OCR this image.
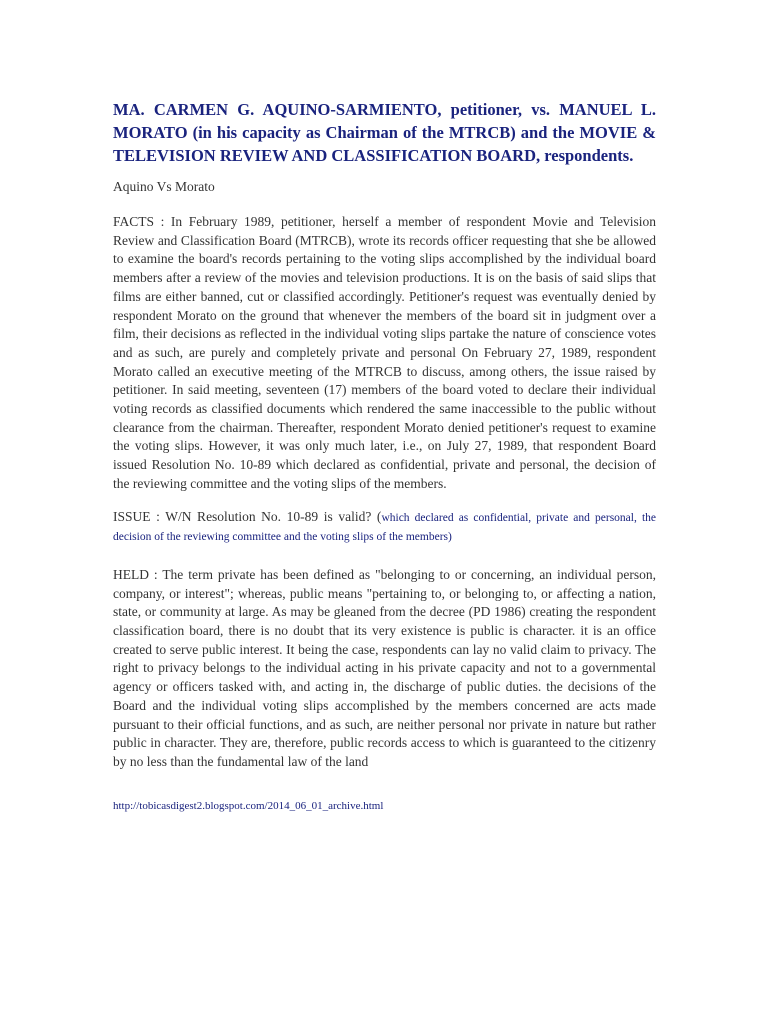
MA. CARMEN G. AQUINO-SARMIENTO, petitioner, vs. MANUEL L. MORATO (in his capacity as Chairman of the MTRCB) and the MOVIE & TELEVISION REVIEW AND CLASSIFICATION BOARD, respondents.

Aquino Vs Morato

FACTS : In February 1989, petitioner, herself a member of respondent Movie and Television Review and Classification Board (MTRCB), wrote its records officer requesting that she be allowed to examine the board's records pertaining to the voting slips accomplished by the individual board members after a review of the movies and television productions. It is on the basis of said slips that films are either banned, cut or classified accordingly. Petitioner's request was eventually denied by respondent Morato on the ground that whenever the members of the board sit in judgment over a film, their decisions as reflected in the individual voting slips partake the nature of conscience votes and as such, are purely and completely private and personal On February 27, 1989, respondent Morato called an executive meeting of the MTRCB to discuss, among others, the issue raised by petitioner. In said meeting, seventeen (17) members of the board voted to declare their individual voting records as classified documents which rendered the same inaccessible to the public without clearance from the chairman. Thereafter, respondent Morato denied petitioner's request to examine the voting slips. However, it was only much later, i.e., on July 27, 1989, that respondent Board issued Resolution No. 10-89 which declared as confidential, private and personal, the decision of the reviewing committee and the voting slips of the members.

ISSUE : W/N Resolution No. 10-89 is valid? (which declared as confidential, private and personal, the decision of the reviewing committee and the voting slips of the members)

HELD : The term private has been defined as "belonging to or concerning, an individual person, company, or interest"; whereas, public means "pertaining to, or belonging to, or affecting a nation, state, or community at large. As may be gleaned from the decree (PD 1986) creating the respondent classification board, there is no doubt that its very existence is public is character. it is an office created to serve public interest. It being the case, respondents can lay no valid claim to privacy. The right to privacy belongs to the individual acting in his private capacity and not to a governmental agency or officers tasked with, and acting in, the discharge of public duties. the decisions of the Board and the individual voting slips accomplished by the members concerned are acts made pursuant to their official functions, and as such, are neither personal nor private in nature but rather public in character. They are, therefore, public records access to which is guaranteed to the citizenry by no less than the fundamental law of the land

http://tobicasdigest2.blogspot.com/2014_06_01_archive.html
